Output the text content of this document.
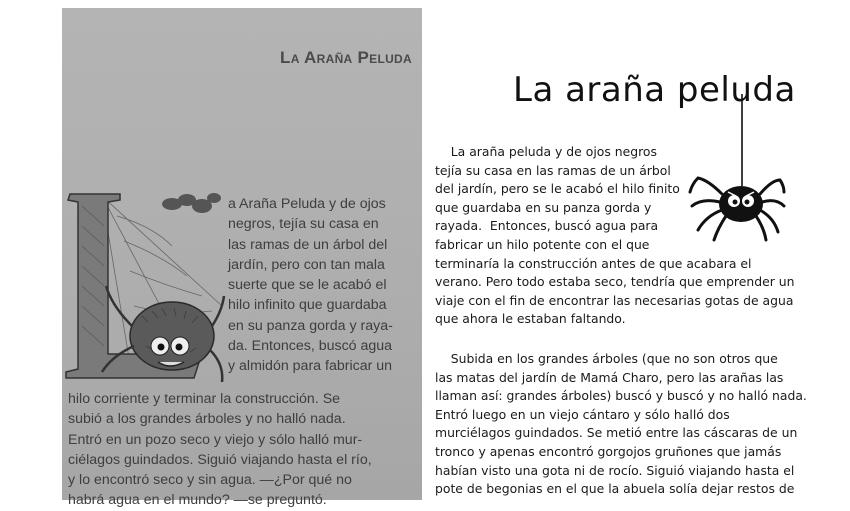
La Araña Peluda
a Araña Peluda y de ojos
negros, tejía su casa en
las ramas de un árbol del
jardín, pero con tan mala
suerte que se le acabó el
hilo infinito que guardaba
en su panza gorda y raya-
da. Entonces, buscó agua
y almidón para fabricar un
hilo corriente y terminar la construcción. Se
subió a los grandes árboles y no halló nada.
Entró en un pozo seco y viejo y sólo halló mur-
ciélagos guindados. Siguió viajando hasta el río,
y lo encontró seco y sin agua. —¿Por qué no
habrá agua en el mundo? —se preguntó.
La araña peluda
La araña peluda y de ojos negros
tejía su casa en las ramas de un árbol
del jardín, pero se le acabó el hilo finito
que guardaba en su panza gorda y
rayada.  Entonces, buscó agua para
fabricar un hilo potente con el que
terminaría la construcción antes de que acabara el
verano. Pero todo estaba seco, tendría que emprender un
viaje con el fin de encontrar las necesarias gotas de agua
que ahora le estaban faltando.
Subida en los grandes árboles (que no son otros que
las matas del jardín de Mamá Charo, pero las arañas las
llaman así: grandes árboles) buscó y buscó y no halló nada.
Entró luego en un viejo cántaro y sólo halló dos
murciélagos guindados. Se metió entre las cáscaras de un
tronco y apenas encontró gorgojos gruñones que jamás
habían visto una gota ni de rocío. Siguió viajando hasta el
pote de begonias en el que la abuela solía dejar restos de
